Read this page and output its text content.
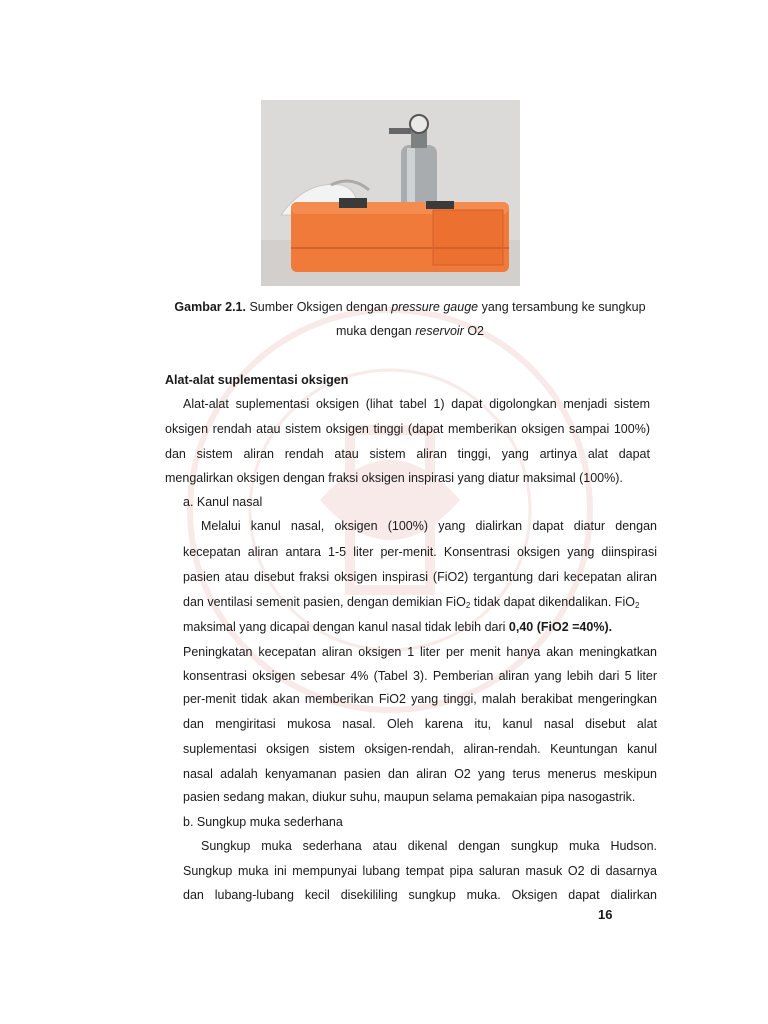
Gambar 2.1. Sumber Oksigen dengan pressure gauge yang tersambung ke sungkup
muka dengan reservoir O2
Alat-alat suplementasi oksigen
Alat-alat suplementasi oksigen (lihat tabel 1) dapat digolongkan menjadi sistem
oksigen rendah atau sistem oksigen tinggi (dapat memberikan oksigen sampai 100%)
dan sistem aliran rendah atau sistem aliran tinggi, yang artinya alat dapat
mengalirkan oksigen dengan fraksi oksigen inspirasi yang diatur maksimal (100%).
a. Kanul nasal
Melalui kanul nasal, oksigen (100%) yang dialirkan dapat diatur dengan
kecepatan aliran antara 1-5 liter per-menit. Konsentrasi oksigen yang diinspirasi
pasien atau disebut fraksi oksigen inspirasi (FiO2) tergantung dari kecepatan aliran
dan ventilasi semenit pasien, dengan demikian FiO$_2$ tidak dapat dikendalikan. FiO$_2$
maksimal yang dicapai dengan kanul nasal tidak lebih dari 0,40 (FiO2 =40%).
Peningkatan kecepatan aliran oksigen 1 liter per menit hanya akan meningkatkan
konsentrasi oksigen sebesar 4% (Tabel 3). Pemberian aliran yang lebih dari 5 liter
per-menit tidak akan memberikan FiO2 yang tinggi, malah berakibat mengeringkan
dan mengiritasi mukosa nasal. Oleh karena itu, kanul nasal disebut alat
suplementasi oksigen sistem oksigen-rendah, aliran-rendah. Keuntungan kanul
nasal adalah kenyamanan pasien dan aliran O2 yang terus menerus meskipun
pasien sedang makan, diukur suhu, maupun selama pemakaian pipa nasogastrik.
b. Sungkup muka sederhana
Sungkup muka sederhana atau dikenal dengan sungkup muka Hudson.
Sungkup muka ini mempunyai lubang tempat pipa saluran masuk O2 di dasarnya
dan lubang-lubang kecil disekililing sungkup muka. Oksigen dapat dialirkan
16
